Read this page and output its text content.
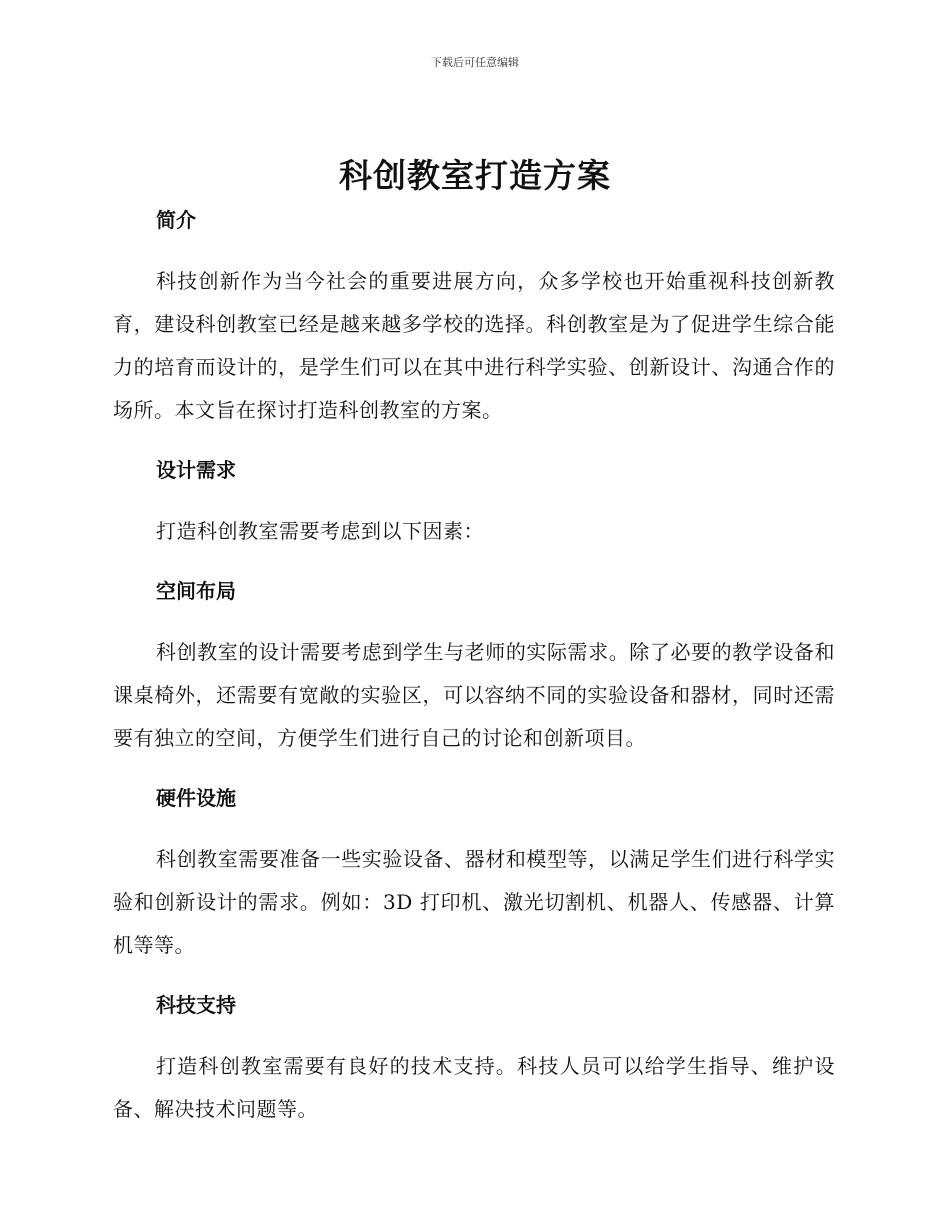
下载后可任意编辑
科创教室打造方案
简介

科技创新作为当今社会的重要进展方向，众多学校也开始重视科技创新教育，建设科创教室已经是越来越多学校的选择。科创教室是为了促进学生综合能力的培育而设计的，是学生们可以在其中进行科学实验、创新设计、沟通合作的场所。本文旨在探讨打造科创教室的方案。

设计需求

打造科创教室需要考虑到以下因素：

空间布局

科创教室的设计需要考虑到学生与老师的实际需求。除了必要的教学设备和课桌椅外，还需要有宽敞的实验区，可以容纳不同的实验设备和器材，同时还需要有独立的空间，方便学生们进行自己的讨论和创新项目。

硬件设施

科创教室需要准备一些实验设备、器材和模型等，以满足学生们进行科学实验和创新设计的需求。例如：3D 打印机、激光切割机、机器人、传感器、计算机等等。

科技支持

打造科创教室需要有良好的技术支持。科技人员可以给学生指导、维护设备、解决技术问题等。
